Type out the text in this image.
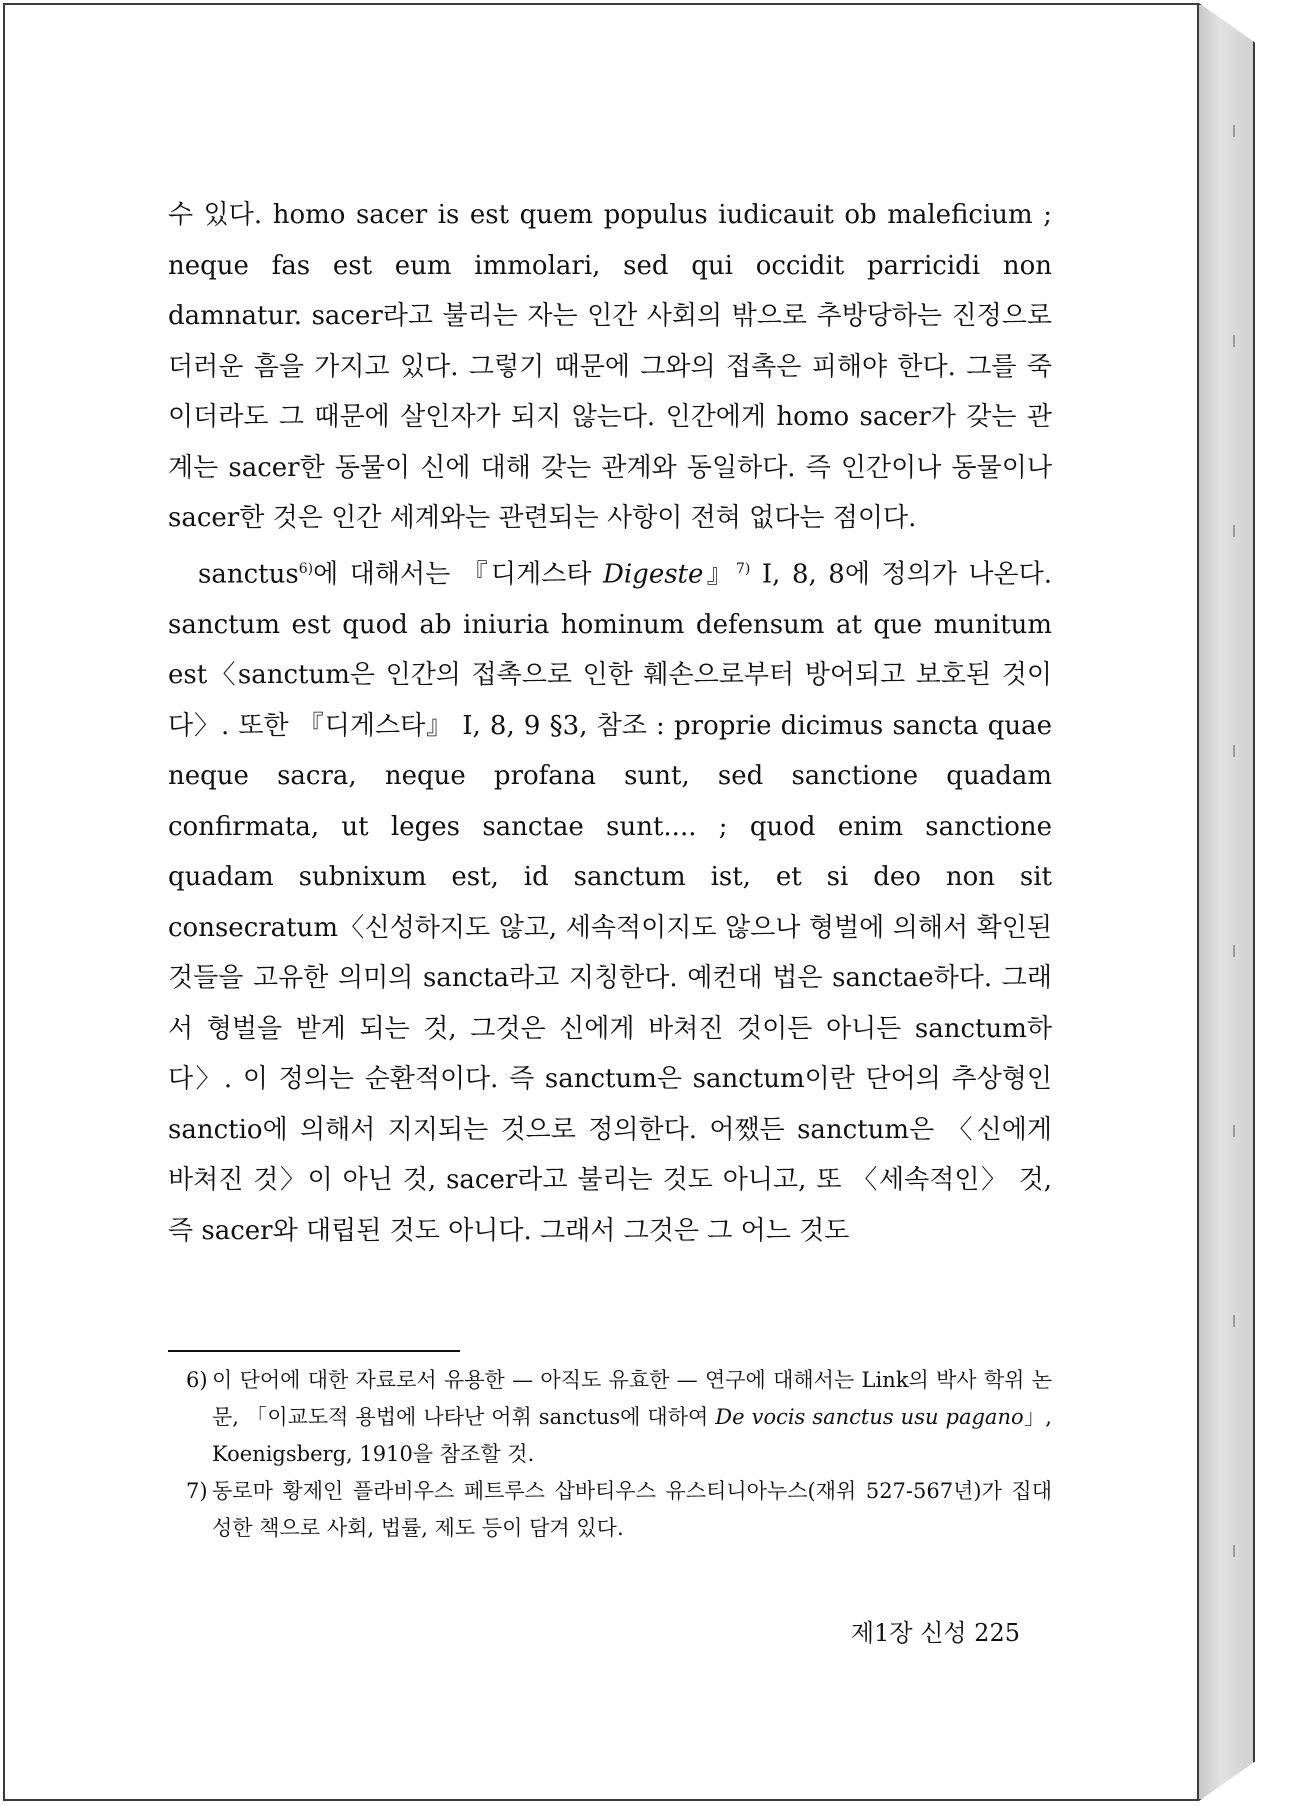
수 있다. homo sacer is est quem populus iudicauit ob maleficium ; neque fas est eum immolari, sed qui occidit parricidi non damnatur. sacer라고 불리는 자는 인간 사회의 밖으로 추방당하는 진정으로 더러운 흠을 가지고 있다. 그렇기 때문에 그와의 접촉은 피해야 한다. 그를 죽이더라도 그 때문에 살인자가 되지 않는다. 인간에게 homo sacer가 갖는 관계는 sacer한 동물이 신에 대해 갖는 관계와 동일하다. 즉 인간이나 동물이나 sacer한 것은 인간 세계와는 관련되는 사항이 전혀 없다는 점이다.

sanctus$^{6)}$에 대해서는 『디게스타 Digeste』$^{7)}$ I, 8, 8에 정의가 나온다. sanctum est quod ab iniuria hominum defensum at que munitum est〈sanctum은 인간의 접촉으로 인한 훼손으로부터 방어되고 보호된 것이다〉. 또한 『디게스타』 I, 8, 9 §3, 참조 : proprie dicimus sancta quae neque sacra, neque profana sunt, sed sanctione quadam confirmata, ut leges sanctae sunt.... ; quod enim sanctione quadam subnixum est, id sanctum ist, et si deo non sit consecratum〈신성하지도 않고, 세속적이지도 않으나 형벌에 의해서 확인된 것들을 고유한 의미의 sancta라고 지칭한다. 예컨대 법은 sanctae하다. 그래서 형벌을 받게 되는 것, 그것은 신에게 바쳐진 것이든 아니든 sanctum하다〉. 이 정의는 순환적이다. 즉 sanctum은 sanctum이란 단어의 추상형인 sanctio에 의해서 지지되는 것으로 정의한다. 어쨌든 sanctum은 〈신에게 바쳐진 것〉이 아닌 것, sacer라고 불리는 것도 아니고, 또 〈세속적인〉 것, 즉 sacer와 대립된 것도 아니다. 그래서 그것은 그 어느 것도

6) 이 단어에 대한 자료로서 유용한 — 아직도 유효한 — 연구에 대해서는 Link의 박사 학위 논문, 「이교도적 용법에 나타난 어휘 sanctus에 대하여 De vocis sanctus usu pagano」, Koenigsberg, 1910을 참조할 것.
7) 동로마 황제인 플라비우스 페트루스 삽바티우스 유스티니아누스(재위 527-567년)가 집대성한 책으로 사회, 법률, 제도 등이 담겨 있다.
제1장 신성 225
